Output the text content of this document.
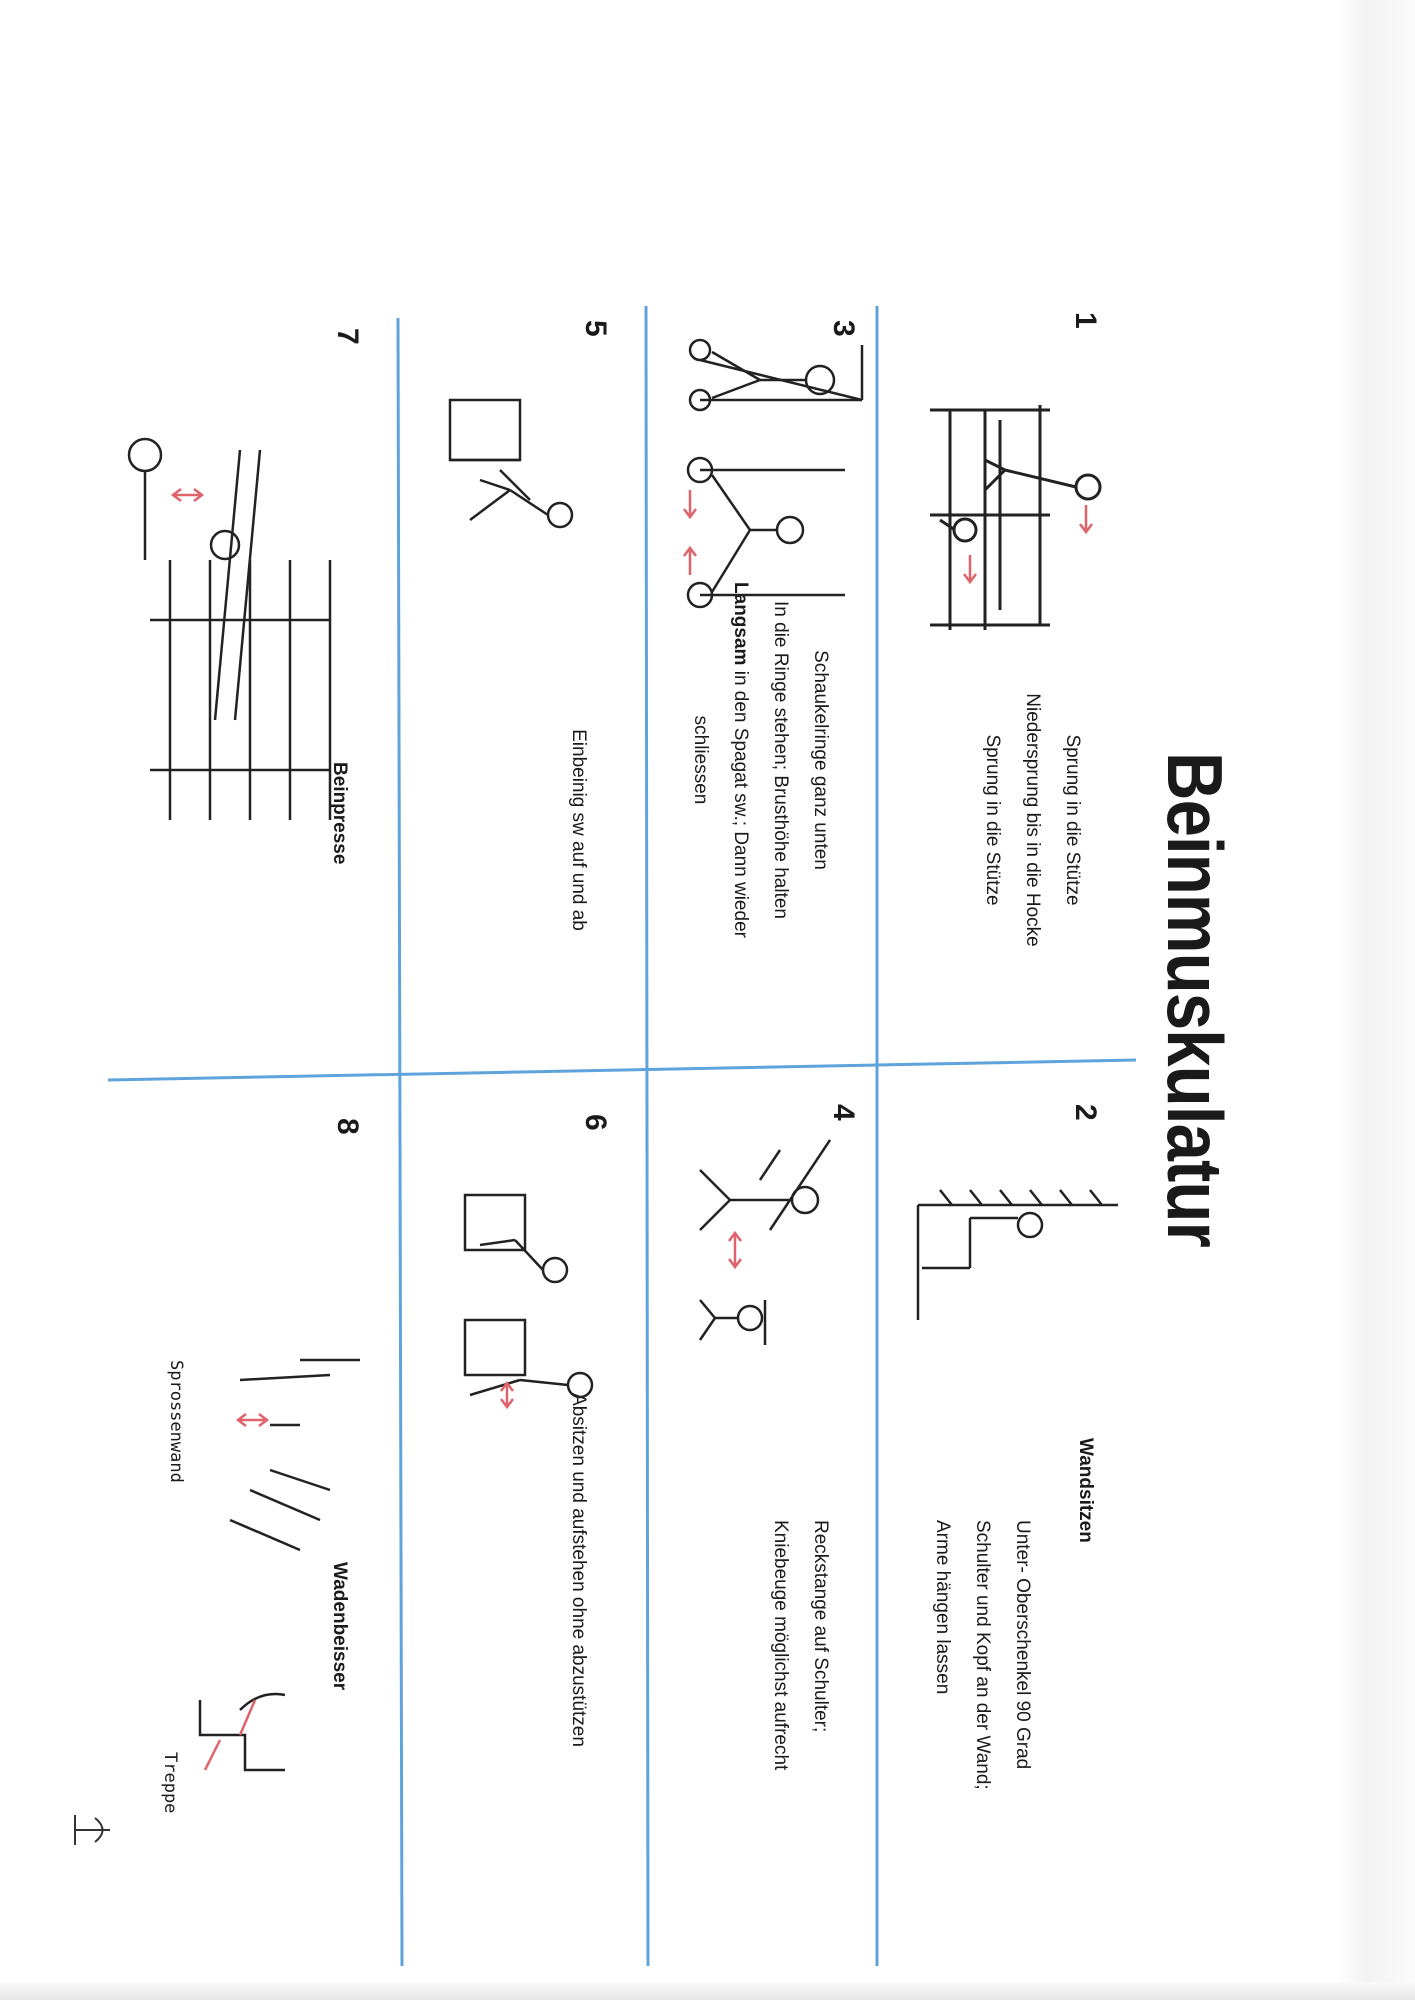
Beinmuskulatur
1
2
3
4
5
6
7
8
Wandsitzen
Beinpresse
Wadenbeisser
Sprung in die Stütze
Niedersprung bis in die Hocke
Sprung in die Stütze
Unter- Oberschenkel 90 Grad
Schulter und Kopf an der Wand;
Arme hängen lassen
Schaukelringe ganz unten
In die Ringe stehen; Brusthöhe halten
Langsam in den Spagat sw.; Dann wieder
schliessen
Reckstange auf Schulter;
Kniebeuge möglichst aufrecht
Einbeinig sw auf und ab
Absitzen und aufstehen ohne abzustützen
Sprossenwand
Treppe
